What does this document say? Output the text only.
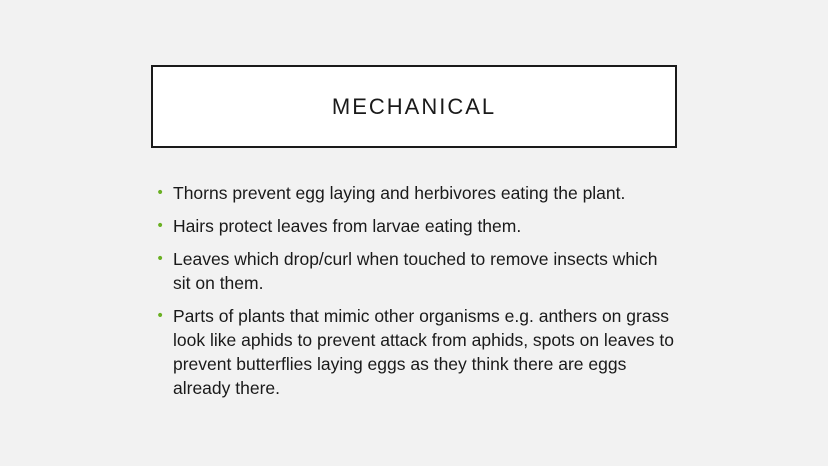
MECHANICAL
• Thorns prevent egg laying and herbivores eating the plant.
• Hairs protect leaves from larvae eating them.
• Leaves which drop/curl when touched to remove insects which sit on them.
• Parts of plants that mimic other organisms e.g. anthers on grass look like aphids to prevent attack from aphids, spots on leaves to prevent butterflies laying eggs as they think there are eggs already there.
